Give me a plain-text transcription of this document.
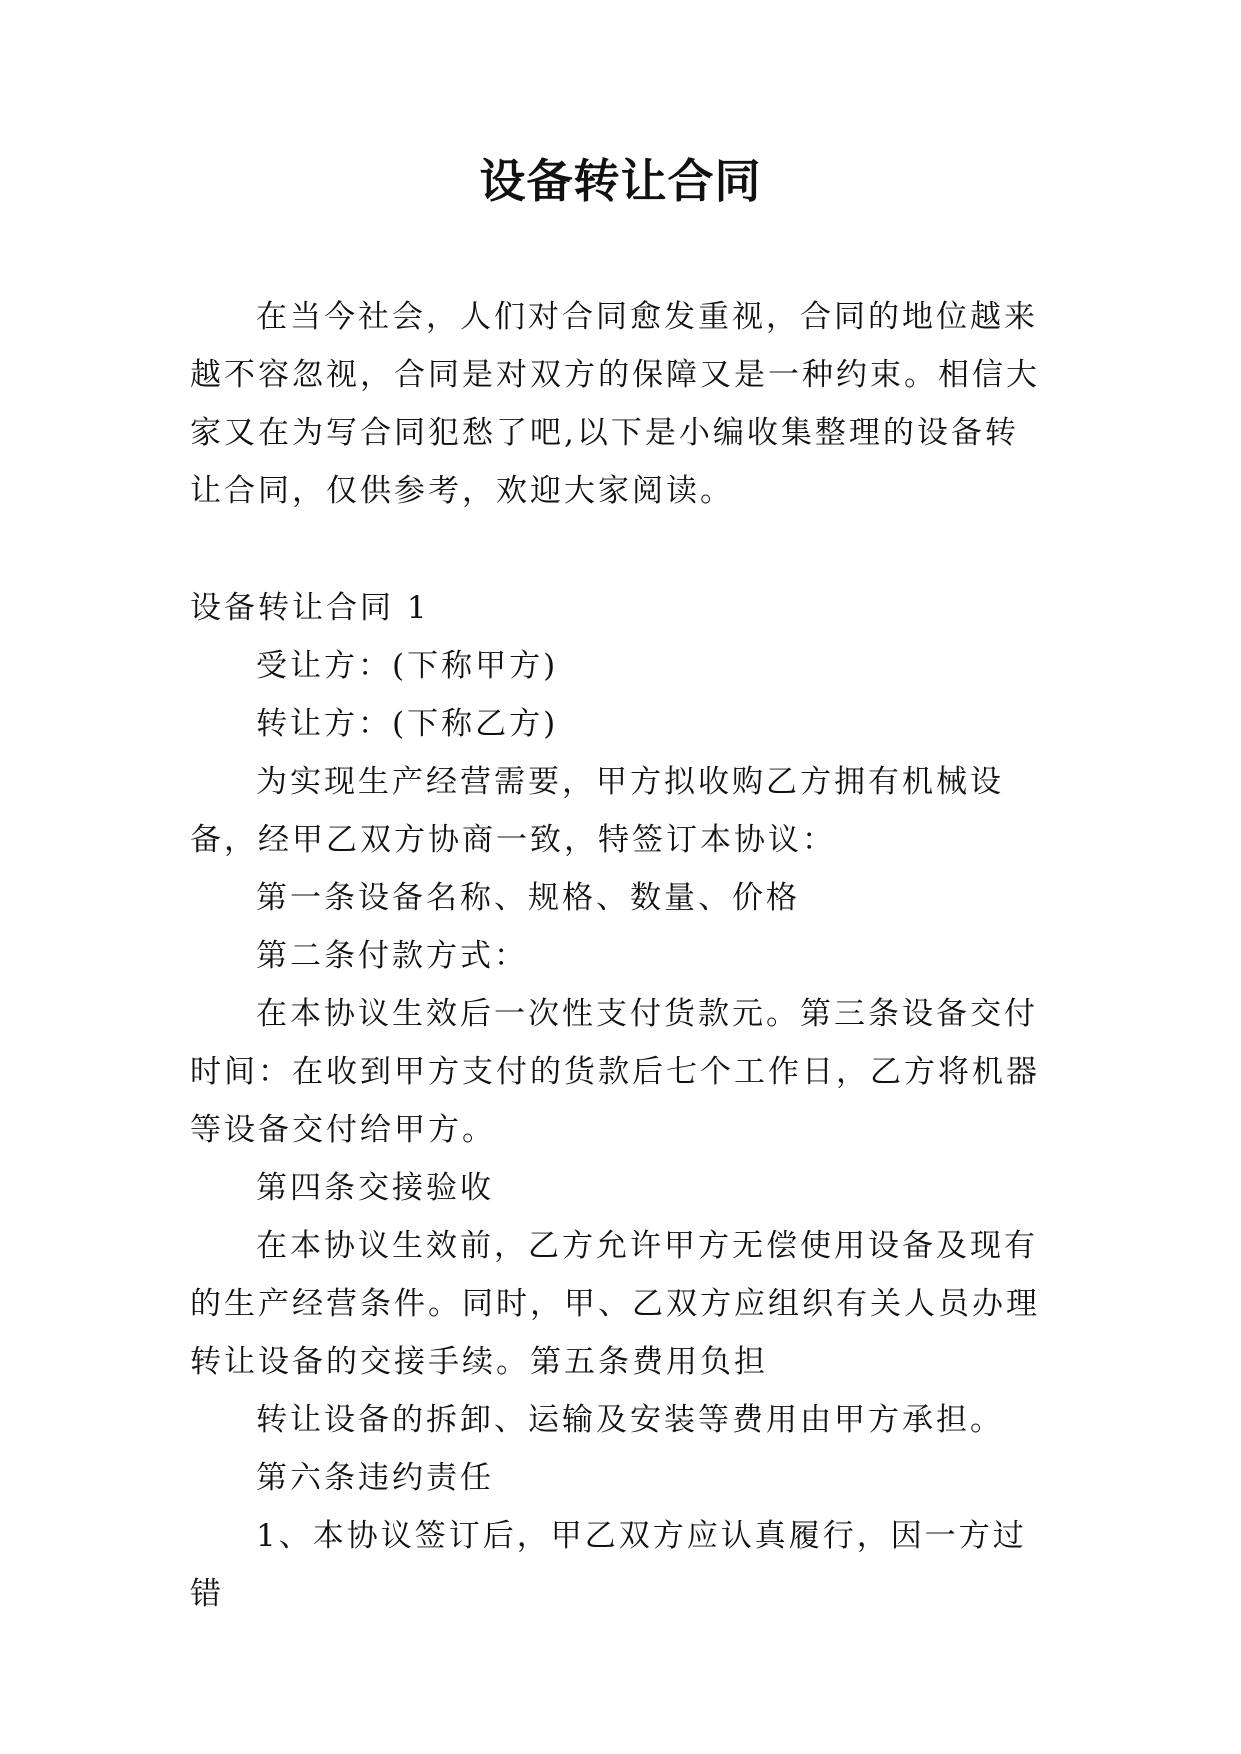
设备转让合同

在当今社会，人们对合同愈发重视，合同的地位越来越不容忽视，合同是对双方的保障又是一种约束。相信大家又在为写合同犯愁了吧,以下是小编收集整理的设备转让合同，仅供参考，欢迎大家阅读。

设备转让合同 1

受让方：(下称甲方)

转让方：(下称乙方)

为实现生产经营需要，甲方拟收购乙方拥有机械设备，经甲乙双方协商一致，特签订本协议：

第一条设备名称、规格、数量、价格

第二条付款方式：

在本协议生效后一次性支付货款元。第三条设备交付时间：在收到甲方支付的货款后七个工作日，乙方将机器等设备交付给甲方。

第四条交接验收

在本协议生效前，乙方允许甲方无偿使用设备及现有的生产经营条件。同时，甲、乙双方应组织有关人员办理转让设备的交接手续。第五条费用负担

转让设备的拆卸、运输及安装等费用由甲方承担。

第六条违约责任

1、本协议签订后，甲乙双方应认真履行，因一方过错
